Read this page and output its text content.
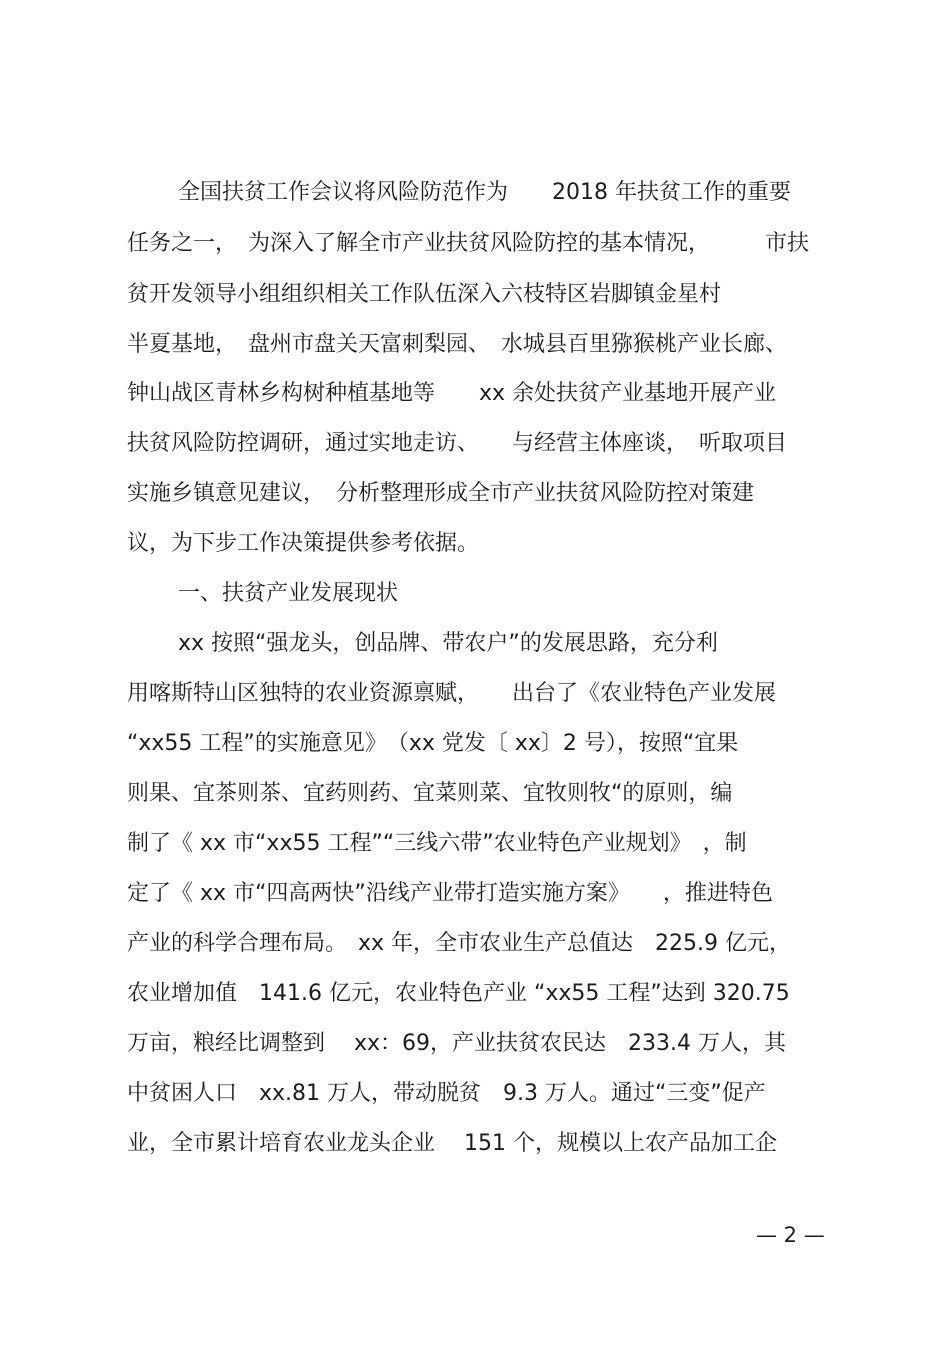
全国扶贫工作会议将风险防范作为　　2018 年扶贫工作的重要
任务之一，　为深入了解全市产业扶贫风险防控的基本情况，　　　市扶
贫开发领导小组组织相关工作队伍深入六枝特区岩脚镇金星村
半夏基地，　盘州市盘关天富刺梨园、　水城县百里猕猴桃产业长廊、
钟山战区青林乡构树种植基地等　　xx 余处扶贫产业基地开展产业
扶贫风险防控调研，通过实地走访、　　与经营主体座谈，　听取项目
实施乡镇意见建议，　分析整理形成全市产业扶贫风险防控对策建
议，为下步工作决策提供参考依据。
一、扶贫产业发展现状
xx 按照“强龙头，创品牌、带农户”的发展思路，充分利
用喀斯特山区独特的农业资源禀赋，　　出台了《农业特色产业发展
“xx55 工程”的实施意见》　（xx 党发〔 xx〕2 号），按照“宜果
则果、宜茶则茶、宜药则药、宜菜则菜、宜牧则牧“的原则，编
制了《 xx 市“xx55 工程”“三线六带”农业特色产业规划》　，制
定了《 xx 市“四高两快”沿线产业带打造实施方案》　　，推进特色
产业的科学合理布局。　xx 年，全市农业生产总值达　225.9 亿元，
农业增加值　141.6 亿元，农业特色产业 “xx55 工程”达到 320.75
万亩，粮经比调整到　 xx：69，产业扶贫农民达　233.4 万人，其
中贫困人口　xx.81 万人，带动脱贫　9.3 万人。通过“三变”促产
业，全市累计培育农业龙头企业　 151 个，规模以上农产品加工企
— 2 —
